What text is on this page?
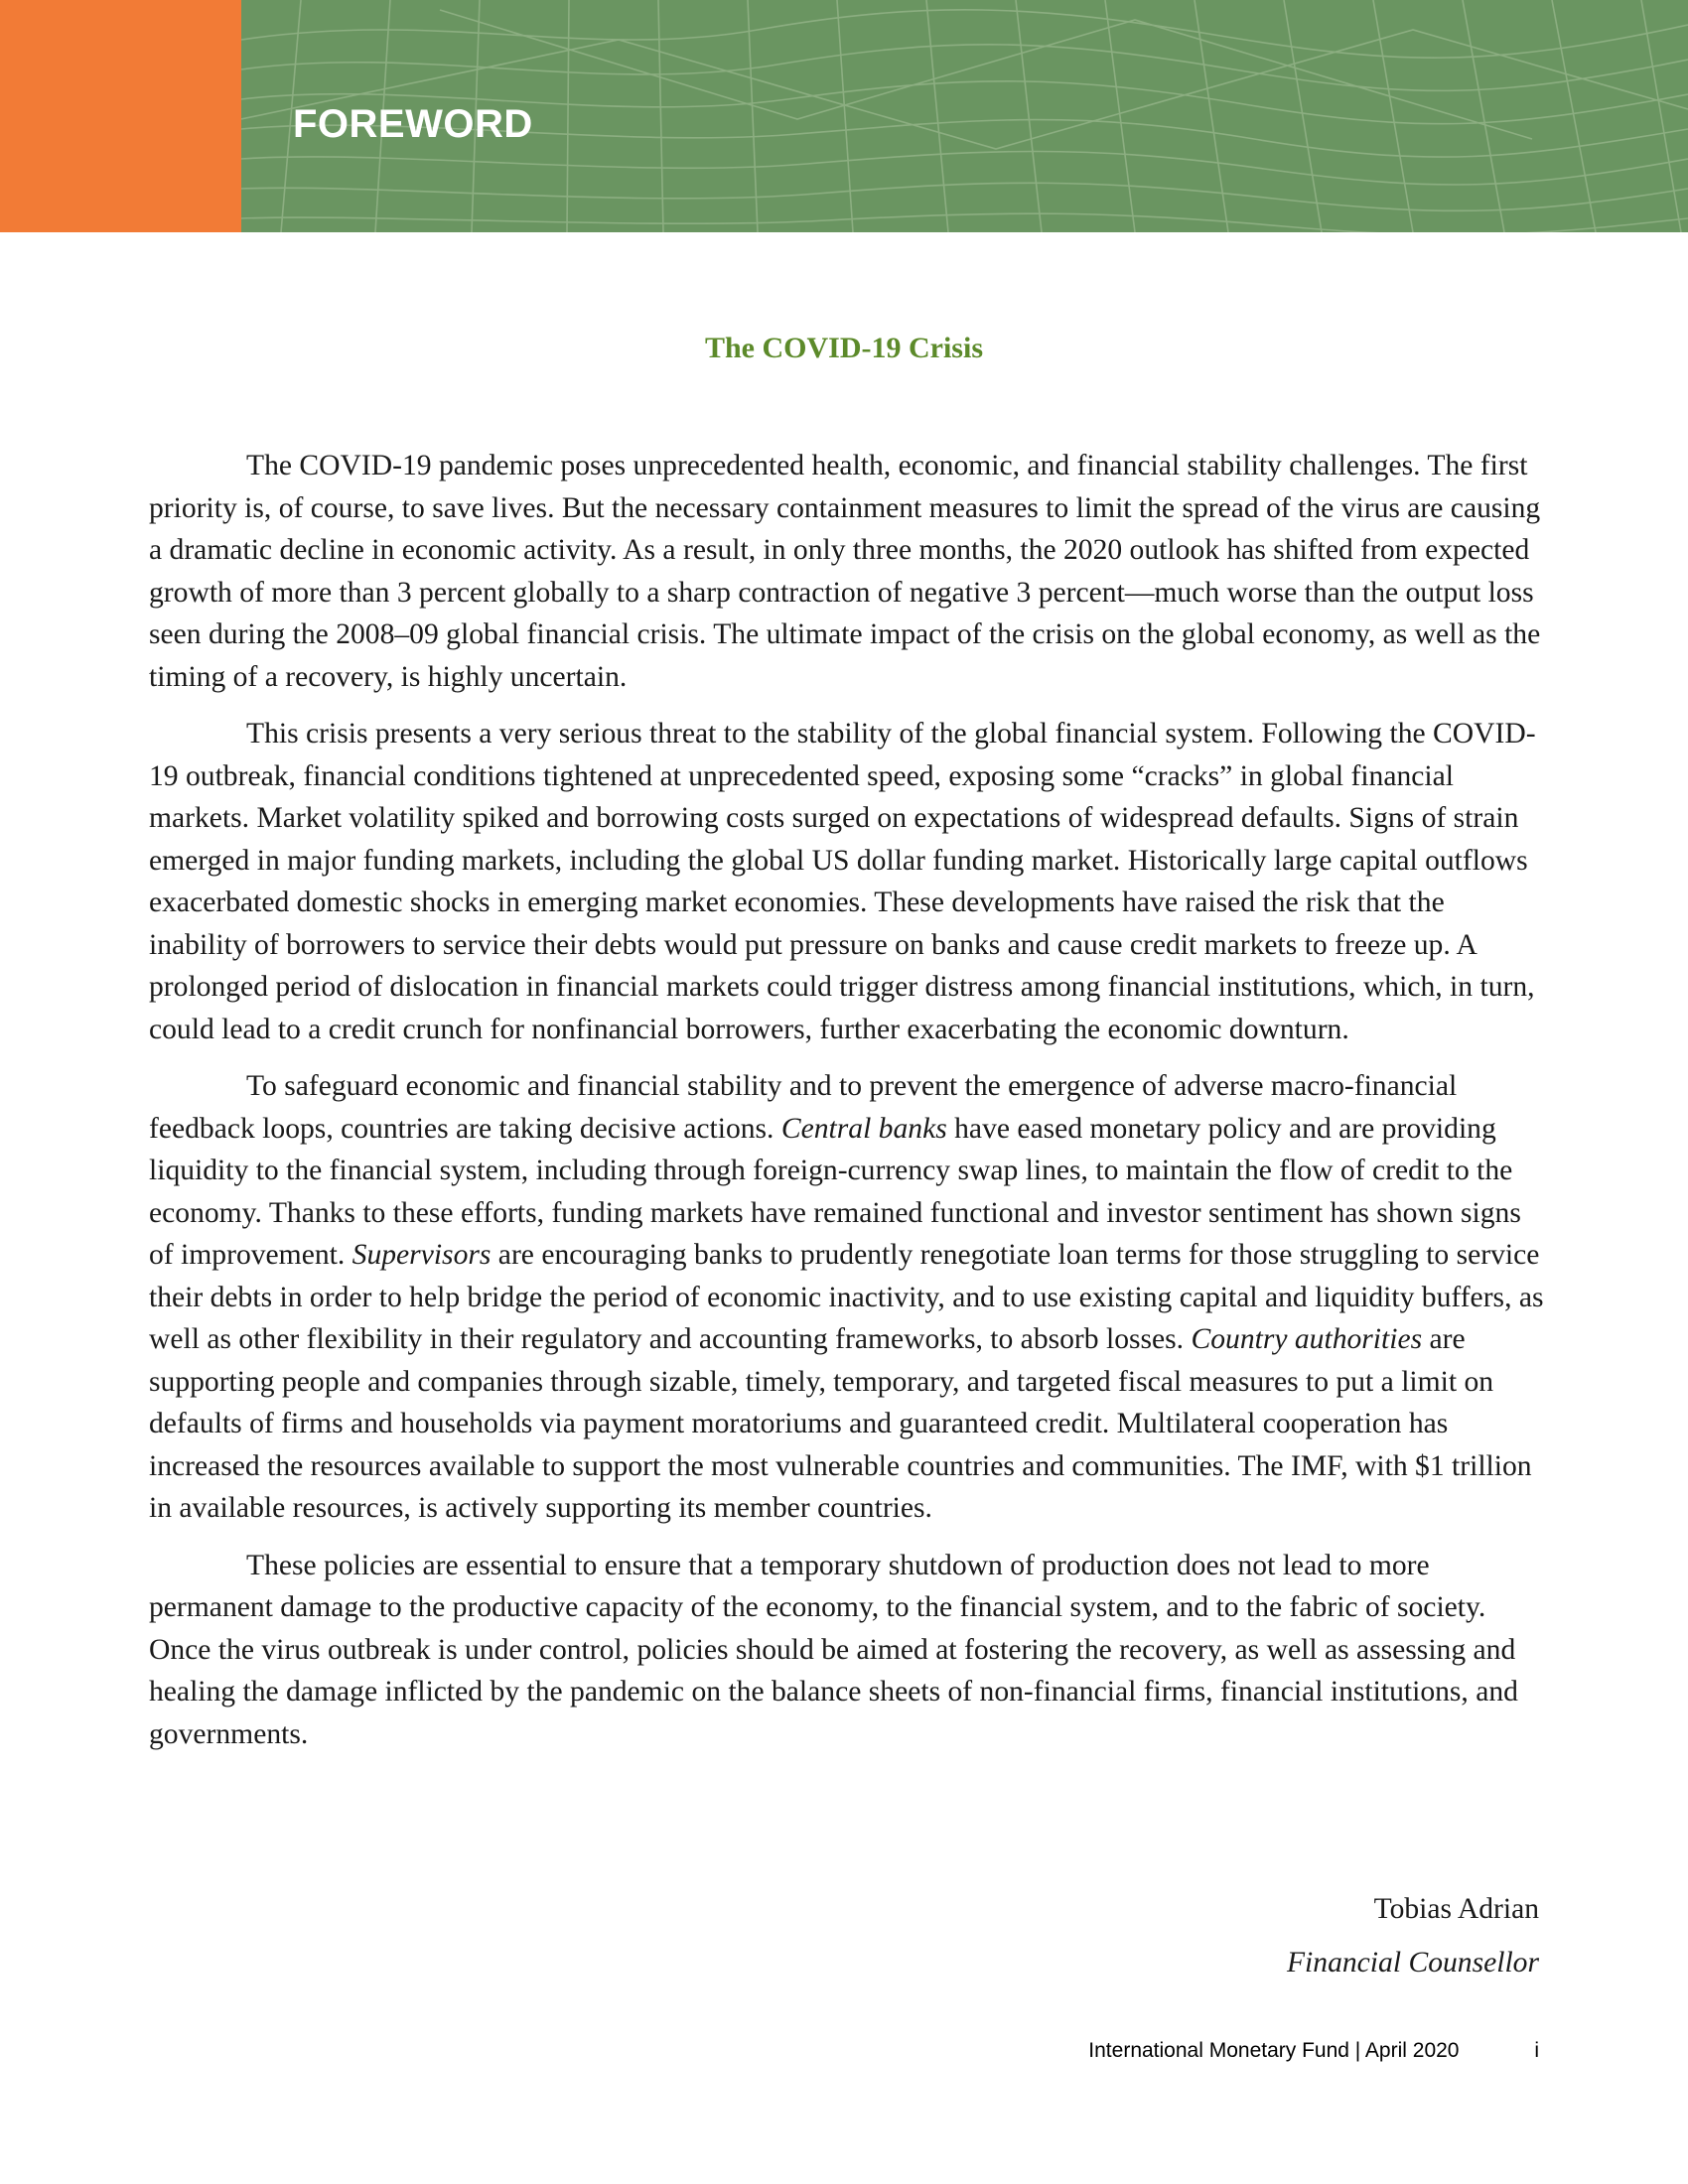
FOREWORD
The COVID-19 Crisis

The COVID-19 pandemic poses unprecedented health, economic, and financial stability challenges. The first priority is, of course, to save lives. But the necessary containment measures to limit the spread of the virus are causing a dramatic decline in economic activity. As a result, in only three months, the 2020 outlook has shifted from expected growth of more than 3 percent globally to a sharp contraction of negative 3 percent—much worse than the output loss seen during the 2008–09 global financial crisis. The ultimate impact of the crisis on the global economy, as well as the timing of a recovery, is highly uncertain.

This crisis presents a very serious threat to the stability of the global financial system. Following the COVID-19 outbreak, financial conditions tightened at unprecedented speed, exposing some “cracks” in global financial markets. Market volatility spiked and borrowing costs surged on expectations of widespread defaults. Signs of strain emerged in major funding markets, including the global US dollar funding market. Historically large capital outflows exacerbated domestic shocks in emerging market economies. These developments have raised the risk that the inability of borrowers to service their debts would put pressure on banks and cause credit markets to freeze up. A prolonged period of dislocation in financial markets could trigger distress among financial institutions, which, in turn, could lead to a credit crunch for nonfinancial borrowers, further exacerbating the economic downturn.

To safeguard economic and financial stability and to prevent the emergence of adverse macro-financial feedback loops, countries are taking decisive actions. Central banks have eased monetary policy and are providing liquidity to the financial system, including through foreign-currency swap lines, to maintain the flow of credit to the economy. Thanks to these efforts, funding markets have remained functional and investor sentiment has shown signs of improvement. Supervisors are encouraging banks to prudently renegotiate loan terms for those struggling to service their debts in order to help bridge the period of economic inactivity, and to use existing capital and liquidity buffers, as well as other flexibility in their regulatory and accounting frameworks, to absorb losses. Country authorities are supporting people and companies through sizable, timely, temporary, and targeted fiscal measures to put a limit on defaults of firms and households via payment moratoriums and guaranteed credit. Multilateral cooperation has increased the resources available to support the most vulnerable countries and communities. The IMF, with $1 trillion in available resources, is actively supporting its member countries.

These policies are essential to ensure that a temporary shutdown of production does not lead to more permanent damage to the productive capacity of the economy, to the financial system, and to the fabric of society. Once the virus outbreak is under control, policies should be aimed at fostering the recovery, as well as assessing and healing the damage inflicted by the pandemic on the balance sheets of non-financial firms, financial institutions, and governments.

Tobias Adrian
Financial Counsellor
International Monetary Fund | April 2020	i
